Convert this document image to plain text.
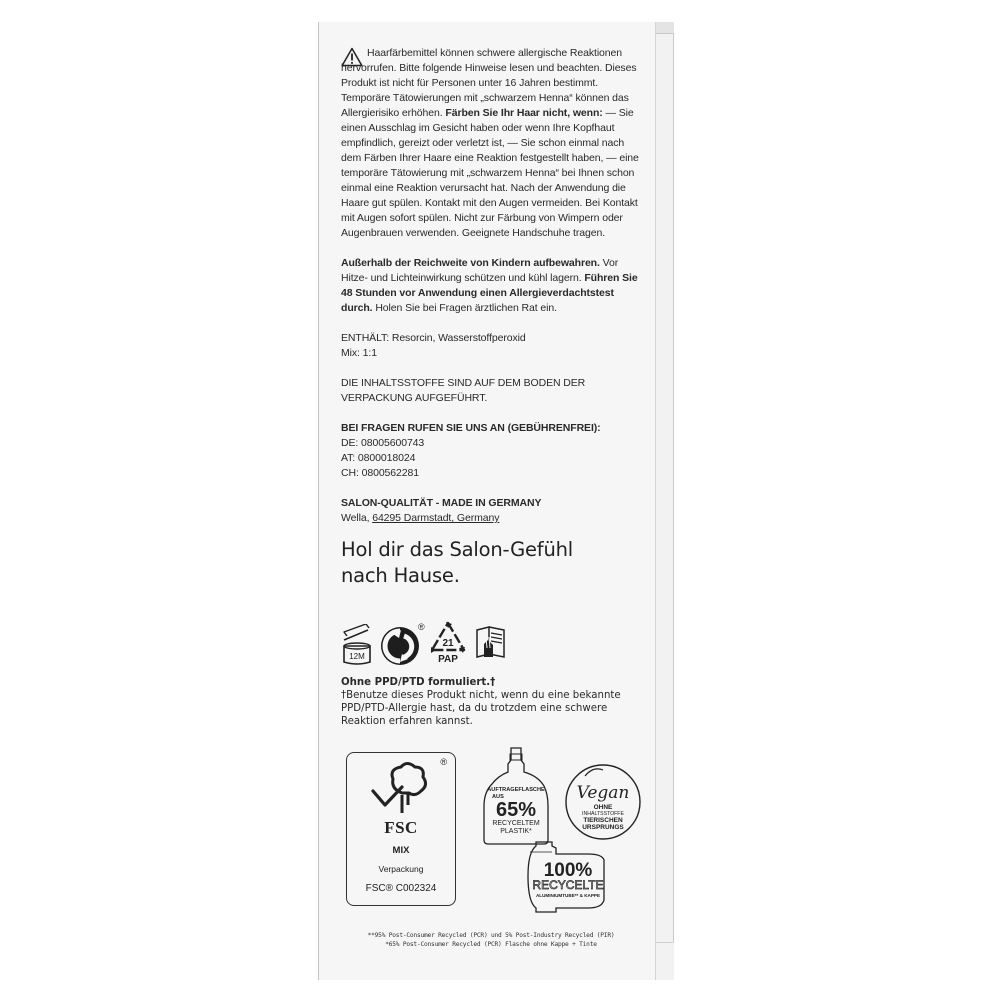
Haarfärbemittel können schwere allergische Reaktionen hervorrufen. Bitte folgende Hinweise lesen und beachten. Dieses Produkt ist nicht für Personen unter 16 Jahren bestimmt. Temporäre Tätowierungen mit „schwarzem Henna“ können das Allergierisiko erhöhen. Färben Sie Ihr Haar nicht, wenn: — Sie einen Ausschlag im Gesicht haben oder wenn Ihre Kopfhaut empfindlich, gereizt oder verletzt ist, — Sie schon einmal nach dem Färben Ihrer Haare eine Reaktion festgestellt haben, — eine temporäre Tätowierung mit „schwarzem Henna“ bei Ihnen schon einmal eine Reaktion verursacht hat. Nach der Anwendung die Haare gut spülen. Kontakt mit den Augen vermeiden. Bei Kontakt mit Augen sofort spülen. Nicht zur Färbung von Wimpern oder Augenbrauen verwenden. Geeignete Handschuhe tragen.

Außerhalb der Reichweite von Kindern aufbewahren. Vor Hitze- und Lichteinwirkung schützen und kühl lagern. Führen Sie 48 Stunden vor Anwendung einen Allergieverdachtstest durch. Holen Sie bei Fragen ärztlichen Rat ein.

ENTHÄLT: Resorcin, Wasserstoffperoxid

Mix: 1:1

DIE INHALTSSTOFFE SIND AUF DEM BODEN DER VERPACKUNG AUFGEFÜHRT.

BEI FRAGEN RUFEN SIE UNS AN (GEBÜHRENFREI):

DE: 08005600743

AT: 0800018024

CH: 0800562281

SALON-QUALITÄT - MADE IN GERMANY

Wella, 64295 Darmstadt, Germany

Hol dir das Salon-Gefühl
nach Hause.
12M
®
21
PAP

Ohne PPD/PTD formuliert.†

†Benutze dieses Produkt nicht, wenn du eine bekannte PPD/PTD-Allergie hast, da du trotzdem eine schwere Reaktion erfahren kannst.

®
FSC
MIX
Verpackung
FSC® C002324
AUFTRAGEFLASCHE
AUS
65%
RECYCELTEM
PLASTIK*
Vegan
OHNE
INHALTSSTOFFE
TIERISCHEN
URSPRUNGS
100%
RECYCELTE
ALUMINIUMTUBE** & KAPPE

**95% Post-Consumer Recycled (PCR) und 5% Post-Industry Recycled (PIR)

*65% Post-Consumer Recycled (PCR) Flasche ohne Kappe + Tinte
